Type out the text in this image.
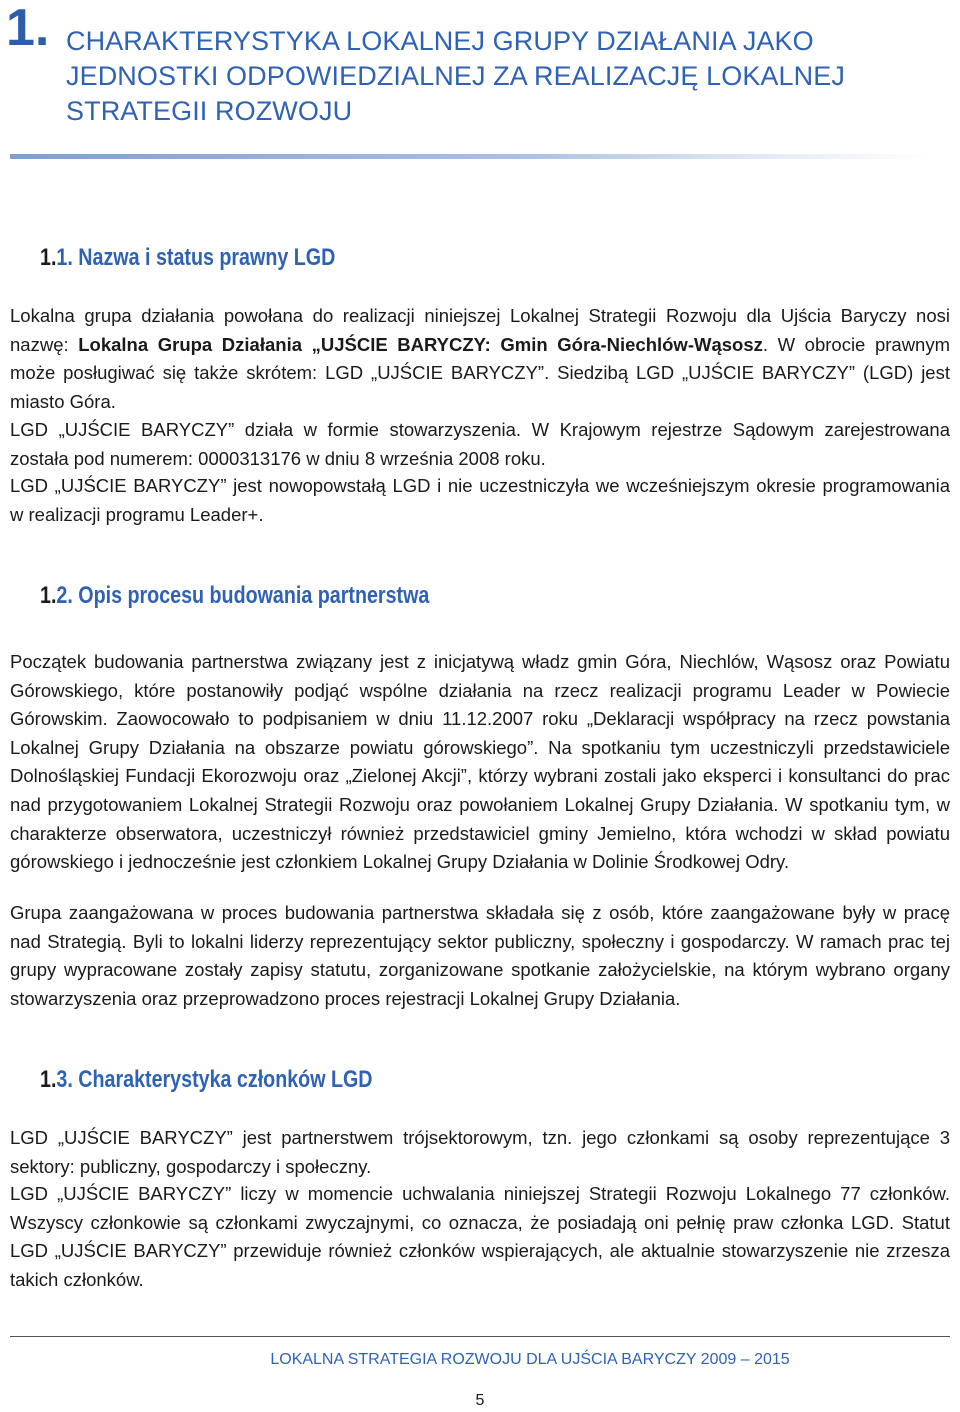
1. CHARAKTERYSTYKA LOKALNEJ GRUPY DZIAŁANIA JAKO JEDNOSTKI ODPOWIEDZIALNEJ ZA REALIZACJĘ LOKALNEJ STRATEGII ROZWOJU
1.1. Nazwa i status prawny LGD

Lokalna grupa działania powołana do realizacji niniejszej Lokalnej Strategii Rozwoju dla Ujścia Baryczy nosi nazwę: Lokalna Grupa Działania „UJŚCIE BARYCZY: Gmin Góra-Niechlów-Wąsosz. W obrocie prawnym może posługiwać się także skrótem: LGD „UJŚCIE BARYCZY”. Siedzibą LGD „UJŚCIE BARYCZY” (LGD) jest miasto Góra.

LGD „UJŚCIE BARYCZY” działa w formie stowarzyszenia. W Krajowym rejestrze Sądowym zarejestrowana została pod numerem: 0000313176 w dniu 8 września 2008 roku.

LGD „UJŚCIE BARYCZY” jest nowopowstałą LGD i nie uczestniczyła we wcześniejszym okresie programowania w realizacji programu Leader+.

1.2. Opis procesu budowania partnerstwa

Początek budowania partnerstwa związany jest z inicjatywą władz gmin Góra, Niechlów, Wąsosz oraz Powiatu Górowskiego, które postanowiły podjąć wspólne działania na rzecz realizacji programu Leader w Powiecie Górowskim. Zaowocowało to podpisaniem w dniu 11.12.2007 roku „Deklaracji współpracy na rzecz powstania Lokalnej Grupy Działania na obszarze powiatu górowskiego”. Na spotkaniu tym uczestniczyli przedstawiciele Dolnośląskiej Fundacji Ekorozwoju oraz „Zielonej Akcji”, którzy wybrani zostali jako eksperci i konsultanci do prac nad przygotowaniem Lokalnej Strategii Rozwoju oraz powołaniem Lokalnej Grupy Działania. W spotkaniu tym, w charakterze obserwatora, uczestniczył również przedstawiciel gminy Jemielno, która wchodzi w skład powiatu górowskiego i jednocześnie jest członkiem Lokalnej Grupy Działania w Dolinie Środkowej Odry.

Grupa zaangażowana w proces budowania partnerstwa składała się z osób, które zaangażowane były w pracę nad Strategią. Byli to lokalni liderzy reprezentujący sektor publiczny, społeczny i gospodarczy. W ramach prac tej grupy wypracowane zostały zapisy statutu, zorganizowane spotkanie założycielskie, na którym wybrano organy stowarzyszenia oraz przeprowadzono proces rejestracji Lokalnej Grupy Działania.

1.3. Charakterystyka członków LGD

LGD „UJŚCIE BARYCZY” jest partnerstwem trójsektorowym, tzn. jego członkami są osoby reprezentujące 3 sektory: publiczny, gospodarczy i społeczny.

LGD „UJŚCIE BARYCZY” liczy w momencie uchwalania niniejszej Strategii Rozwoju Lokalnego 77 członków. Wszyscy członkowie są członkami zwyczajnymi, co oznacza, że posiadają oni pełnię praw członka LGD. Statut LGD „UJŚCIE BARYCZY” przewiduje również członków wspierających, ale aktualnie stowarzyszenie nie zrzesza takich członków.

LOKALNA STRATEGIA ROZWOJU DLA UJŚCIA BARYCZY 2009 – 2015
5
